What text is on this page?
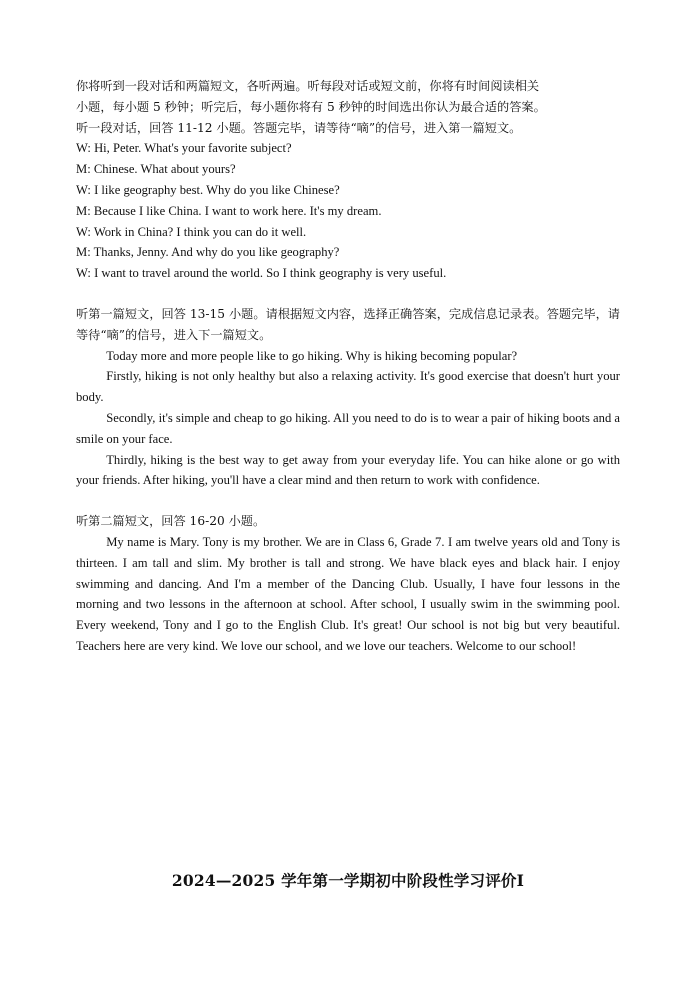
你将听到一段对话和两篇短文，各听两遍。听每段对话或短文前，你将有时间阅读相关

小题，每小题 5 秒钟；听完后，每小题你将有 5 秒钟的时间选出你认为最合适的答案。

听一段对话，回答 11-12 小题。答题完毕，请等待“嘀”的信号，进入第一篇短文。

W: Hi, Peter. What's your favorite subject?

M: Chinese. What about yours?

W: I like geography best. Why do you like Chinese?

M: Because I like China. I want to work here. It's my dream.

W: Work in China? I think you can do it well.

M: Thanks, Jenny. And why do you like geography?

W: I want to travel around the world. So I think geography is very useful.

听第一篇短文，回答 13-15 小题。请根据短文内容，选择正确答案，完成信息记录表。答题完毕，请等待“嘀”的信号，进入下一篇短文。

Today more and more people like to go hiking. Why is hiking becoming popular?

Firstly, hiking is not only healthy but also a relaxing activity. It's good exercise that doesn't hurt your body.

Secondly, it's simple and cheap to go hiking. All you need to do is to wear a pair of hiking boots and a smile on your face.

Thirdly, hiking is the best way to get away from your everyday life. You can hike alone or go with your friends. After hiking, you'll have a clear mind and then return to work with confidence.

听第二篇短文，回答 16-20 小题。

My name is Mary. Tony is my brother. We are in Class 6, Grade 7. I am twelve years old and Tony is thirteen. I am tall and slim. My brother is tall and strong. We have black eyes and black hair. I enjoy swimming and dancing. And I'm a member of the Dancing Club. Usually, I have four lessons in the morning and two lessons in the afternoon at school. After school, I usually swim in the swimming pool. Every weekend, Tony and I go to the English Club. It's great! Our school is not big but very beautiful. Teachers here are very kind. We love our school, and we love our teachers. Welcome to our school!

2024—2025 学年第一学期初中阶段性学习评价Ⅰ
